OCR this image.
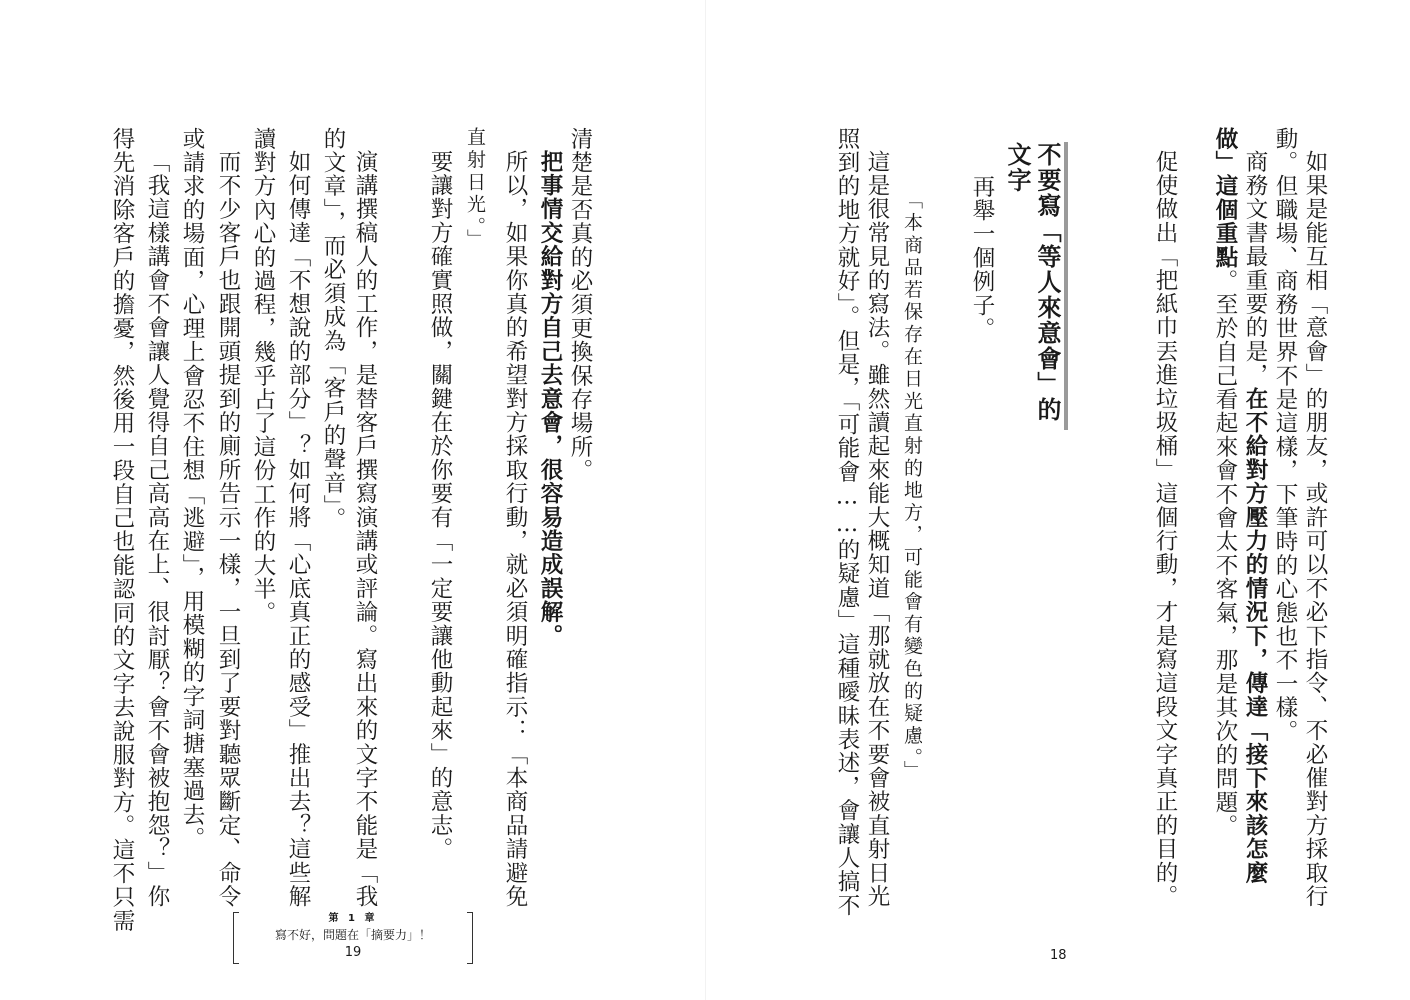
如果是能互相「意會」的朋友，或許可以不必下指令、不必催對方採取行

動。但職場、商務世界不是這樣，下筆時的心態也不一樣。

商務文書最重要的是，在不給對方壓力的情況下，傳達「接下來該怎麼

做」這個重點。至於自己看起來會不會太不客氣，那是其次的問題。

促使做出「把紙巾丟進垃圾桶」這個行動，才是寫這段文字真正的目的。

不要寫「等人來意會」的文字

再舉一個例子。

「本商品若保存在日光直射的地方，可能會有變色的疑慮。」

這是很常見的寫法。雖然讀起來能大概知道「那就放在不要會被直射日光

照到的地方就好」。但是，「可能會……的疑慮」這種曖昧表述，會讓人搞不

18

清楚是否真的必須更換保存場所。

把事情交給對方自己去意會，很容易造成誤解。

所以，如果你真的希望對方採取行動，就必須明確指示：「本商品請避免

直射日光。」

要讓對方確實照做，關鍵在於你要有「一定要讓他動起來」的意志。

演講撰稿人的工作，是替客戶撰寫演講或評論。寫出來的文字不能是「我

的文章」，而必須成為「客戶的聲音」。

如何傳達「不想說的部分」？如何將「心底真正的感受」推出去？這些解

讀對方內心的過程，幾乎占了這份工作的大半。

而不少客戶也跟開頭提到的廁所告示一樣，一旦到了要對聽眾斷定、命令

或請求的場面，心理上會忍不住想「逃避」，用模糊的字詞搪塞過去。

「我這樣講會不會讓人覺得自己高高在上、很討厭？會不會被抱怨？」你

得先消除客戶的擔憂，然後用一段自己也能認同的文字去說服對方。這不只需	第 1 章
寫不好，問題在「摘要力」！
19
